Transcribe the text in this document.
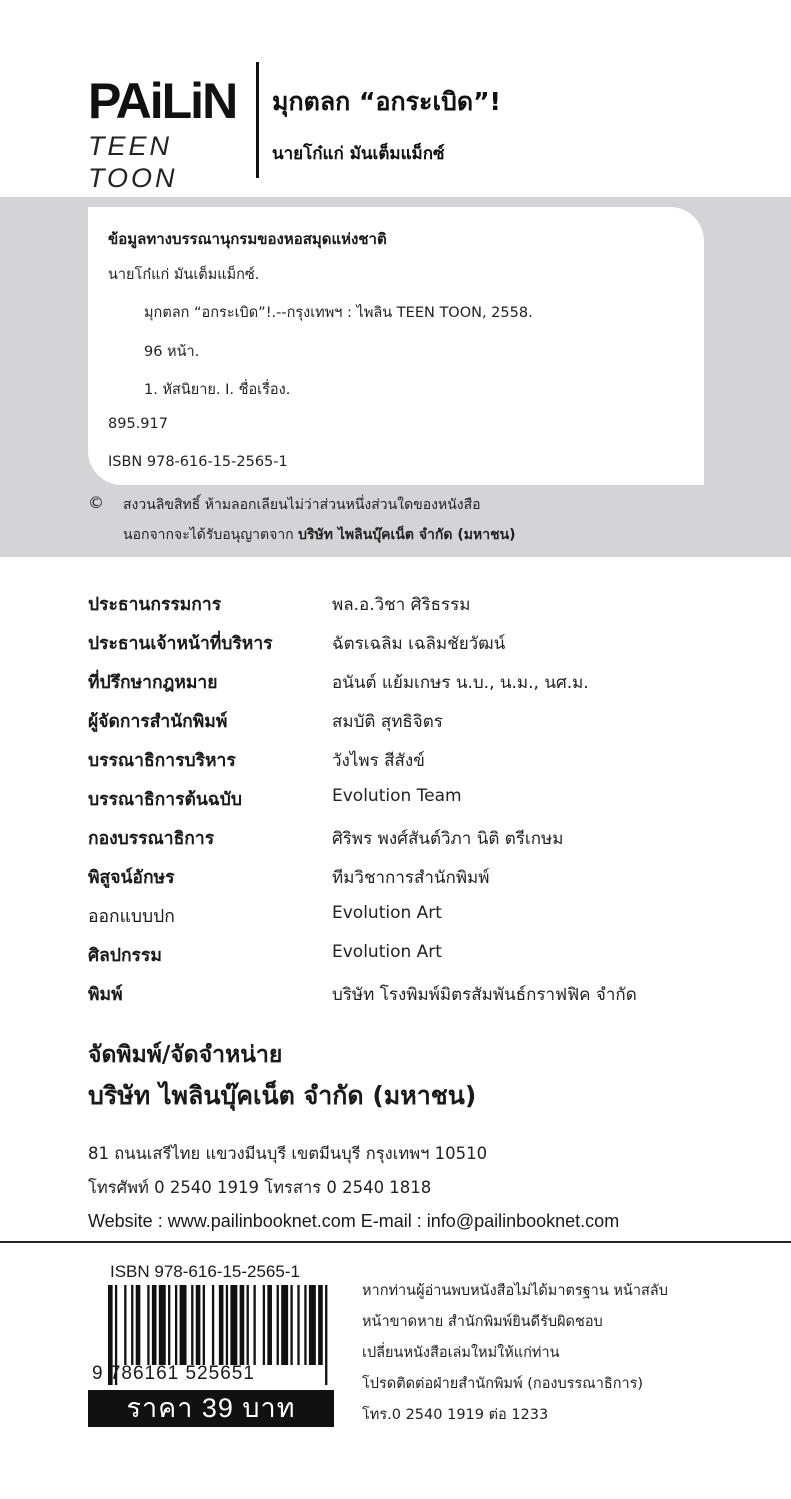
PAiLiN
TEEN TOON
มุกตลก “อกระเบิด”!
นายโก๋แก่ มันเต็มแม็กซ์
ข้อมูลทางบรรณานุกรมของหอสมุดแห่งชาติ
นายโก๋แก่ มันเต็มแม็กซ์.
มุกตลก “อกระเบิด”!.--กรุงเทพฯ : ไพลิน TEEN TOON, 2558.
96 หน้า.
1. หัสนิยาย. I. ชื่อเรื่อง.
895.917
ISBN 978-616-15-2565-1
© สงวนลิขสิทธิ์ ห้ามลอกเลียนไม่ว่าส่วนหนึ่งส่วนใดของหนังสือ
นอกจากจะได้รับอนุญาตจาก บริษัท ไพลินบุ๊คเน็ต จำกัด (มหาชน)
ประธานกรรมการ	พล.อ.วิชา ศิริธรรม
ประธานเจ้าหน้าที่บริหาร	ฉัตรเฉลิม เฉลิมชัยวัฒน์
ที่ปรึกษากฎหมาย	อนันต์ แย้มเกษร น.บ., น.ม., นศ.ม.
ผู้จัดการสำนักพิมพ์	สมบัติ สุทธิจิตร
บรรณาธิการบริหาร	วังไพร สีสังข์
บรรณาธิการต้นฉบับ	Evolution Team
กองบรรณาธิการ	ศิริพร พงศ์สันต์วิภา นิติ ตรีเกษม
พิสูจน์อักษร	ทีมวิชาการสำนักพิมพ์
ออกแบบปก	Evolution Art
ศิลปกรรม	Evolution Art
พิมพ์	บริษัท โรงพิมพ์มิตรสัมพันธ์กราฟฟิค จำกัด
จัดพิมพ์/จัดจำหน่าย
บริษัท ไพลินบุ๊คเน็ต จำกัด (มหาชน)
81 ถนนเสรีไทย แขวงมีนบุรี เขตมีนบุรี กรุงเทพฯ 10510
โทรศัพท์ 0 2540 1919 โทรสาร 0 2540 1818
Website : www.pailinbooknet.com E-mail : info@pailinbooknet.com
ISBN 978-616-15-2565-1
9 786161 525651
ราคา 39 บาท
หากท่านผู้อ่านพบหนังสือไม่ได้มาตรฐาน หน้าสลับ
หน้าขาดหาย สำนักพิมพ์ยินดีรับผิดชอบ
เปลี่ยนหนังสือเล่มใหม่ให้แก่ท่าน
โปรดติดต่อฝ่ายสำนักพิมพ์ (กองบรรณาธิการ)
โทร.0 2540 1919 ต่อ 1233
